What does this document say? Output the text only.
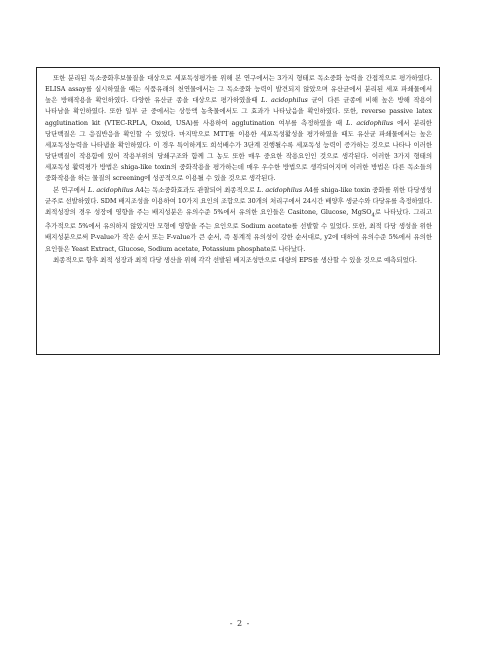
또한 분리된 독소중화후보물질을 대상으로 세포독성평가를 위해 본 연구에서는 3가지 형태로 독소중화 능력을 간접적으로 평가하였다. ELISA assay를 실시하였을 때는 식품유래의 천연물에서는 그 독소중화 능력이 발견되지 않았으며 유산균에서 분리된 세포 파쇄물에서 높은 방해작용을 확인하였다. 다양한 유산균 종을 대상으로 평가하였을때 L. acidophilus 균이 다른 균종에 비해 높은 방해 작용이 나타남을 확인하였다. 또한 일부 균 중에서는 상등액 농축물에서도 그 효과가 나타났음을 확인하였다. 또한, reverse passive latex agglutination kit (VTEC-RPLA, Oxoid, USA)를 사용하여 agglutination 여부를 측정하였을 때 L. acidophilus 에서 분리한 당단백질은 그 응집반응을 확인할 수 있었다. 마지막으로 MTT를 이용한 세포독성활성을 평가하였을 때도 유산균 파쇄물에서는 높은 세포독성능력을 나타냄을 확인하였다. 이 경우 특이하게도 희석배수가 3단계 진행될수록 세포독성 능력이 증가하는 것으로 나타나 이러한 당단백질이 작용함에 있어 작용부위의 당쇄구조와 함께 그 농도 또한 매우 중요한 작용요인인 것으로 생각된다. 이러한 3가지 형태의 세포독성 활력평가 방법은 shiga-like toxin의 중화작용을 평가하는데 매우 우수한 방법으로 생각되어지며 이러한 방법은 다른 독소들의 중화작용을 하는 물질의 screening에 성공적으로 이용될 수 있을 것으로 생각된다.

본 연구에서 L. acidophilus A4는 독소중화효과도 관찰되어 최종적으로 L. acidophilus A4를 shiga-like toxin 중화를 위한 다당생성 균주로 선발하였다. SDM 배지조성을 이용하여 10가지 요인의 조합으로 30개의 처리구에서 24시간 배양후 생균수와 다당유를 측정하였다. 최적성장의 경우 성장에 영향을 주는 배지성분은 유의수준 5%에서 유의한 요인들은 Casitone, Glucose, MgSO$_4$로 나타났다. 그리고 추가적으로 5%에서 유의하지 않았지만 모형에 영향을 주는 요인으로 Sodium acetate를 선발할 수 있었다. 또한, 최적 다당 생성을 위한 배지성분으로써 P-value가 작은 순서 또는 F-value가 큰 순서, 즉 통계적 유의성이 강한 순서대로, y2에 대하여 유의수준 5%에서 유의한 요인들은 Yeast Extract, Glucose, Sodium acetate, Potassium phosphate로 나타났다.

최종적으로 향후 최적 성장과 최적 다당 생산을 위해 각각 선발된 배지조성만으로 대량의 EPS를 생산할 수 있을 것으로 예측되었다.

- 2 -
